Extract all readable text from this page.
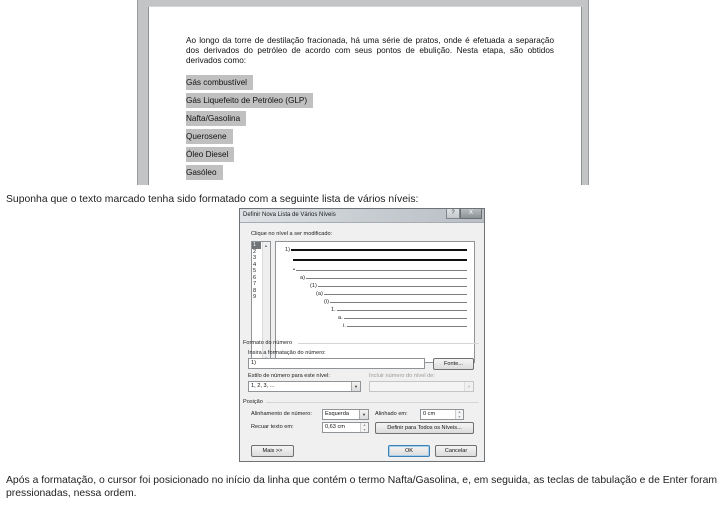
Ao longo da torre de destilação fracionada, há uma série de pratos, onde é efetuada a separação dos derivados do petróleo de acordo com seus pontos de ebulição. Nesta etapa, são obtidos derivados como:
Gás combustível
Gás Liquefeito de Petróleo (GLP)
Nafta/Gasolina
Querosene
Óleo Diesel
Gasóleo
Suponha que o texto marcado tenha sido formatado com a seguinte lista de vários níveis:
Definir Nova Lista de Vários Níveis	?	X
Clique no nível a ser modificado:
1
2
3
4
5
6
7
8
9
▲
1)
•
a)
(1)
(a)
(i)
1.
a.
i.
Formato do número
Insira a formatação do número:
1)	Fonte...
Estilo de número para este nível:	Incluir número do nível de:
1, 2, 3, ...	▼	▼
Posição
Alinhamento de número:	Esquerda	▼	Alinhado em:	0 cm	▲
▼
Recuar texto em:	0,63 cm	▲
▼	Definir para Todos os Níveis...
Mais >>	OK	Cancelar
Após a formatação, o cursor foi posicionado no início da linha que contém o termo Nafta/Gasolina, e, em seguida, as teclas de tabulação e de Enter foram pressionadas, nessa ordem.
